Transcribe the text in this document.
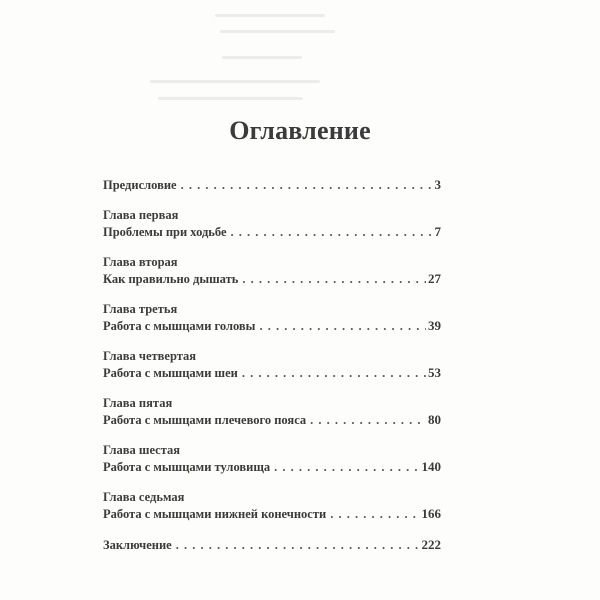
Оглавление
Предисловие . . .	3
Глава первая
Проблемы при ходьбе . . .	7
Глава вторая
Как правильно дышать . . .	27
Глава третья
Работа с мышцами головы . . .	39
Глава четвертая
Работа с мышцами шеи . . .	53
Глава пятая
Работа с мышцами плечевого пояса . . .	80
Глава шестая
Работа с мышцами туловища . . .	140
Глава седьмая
Работа с мышцами нижней конечности . . .	166
Заключение . . .	222
